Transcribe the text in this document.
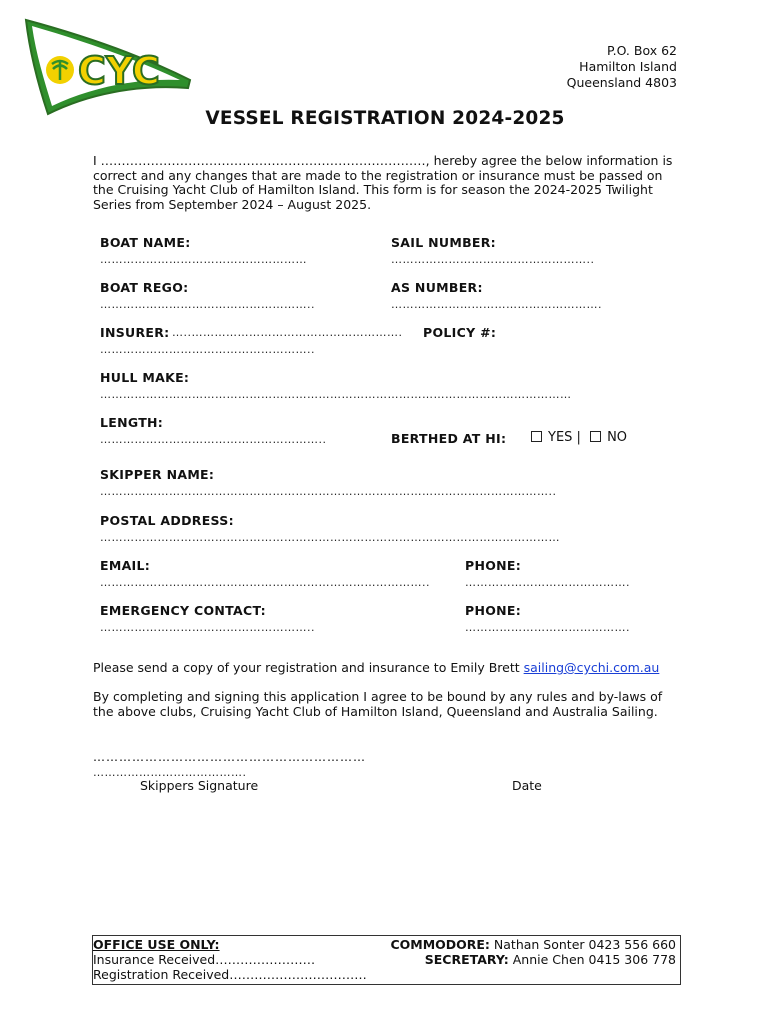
CYC	P.O. Box 62
Hamilton Island
Queensland 4803
VESSEL REGISTRATION 2024-2025
I ……………………………………………………………………, hereby agree the below information is correct and any changes that are made to the registration or insurance must be passed on the Cruising Yacht Club of Hamilton Island. This form is for season the 2024-2025 Twilight Series from September 2024 – August 2025.
BOAT NAME:
………………………………………………
SAIL NUMBER:
……………………………………………..
BOAT REGO:
………………………………………………..
AS NUMBER:
……………………………………………….
INSURER: …..………………………………………………. POLICY #:
………………………………………………..
HULL MAKE:
……………………………………………………………………………………………………………
LENGTH:
…………………………………………………..	BERTHED AT HI:	YES | NO
SKIPPER NAME:
………………………………………………………………………………………………………..
POSTAL ADDRESS:
…………………………………………………………………………………………………………
EMAIL:
…………………………………………………………………………..
PHONE:
…………………………………….
EMERGENCY CONTACT:
………………………………………………..
PHONE:
…………………………………….
Please send a copy of your registration and insurance to Emily Brett sailing@cychi.com.au
By completing and signing this application I agree to be bound by any rules and by-laws of the above clubs, Cruising Yacht Club of Hamilton Island, Queensland and Australia Sailing.
………………………………………………………
………………………………….
Skippers Signature	Date
OFFICE USE ONLY:
Insurance Received……………………
Registration Received……………………………
COMMODORE: Nathan Sonter 0423 556 660
SECRETARY: Annie Chen 0415 306 778
